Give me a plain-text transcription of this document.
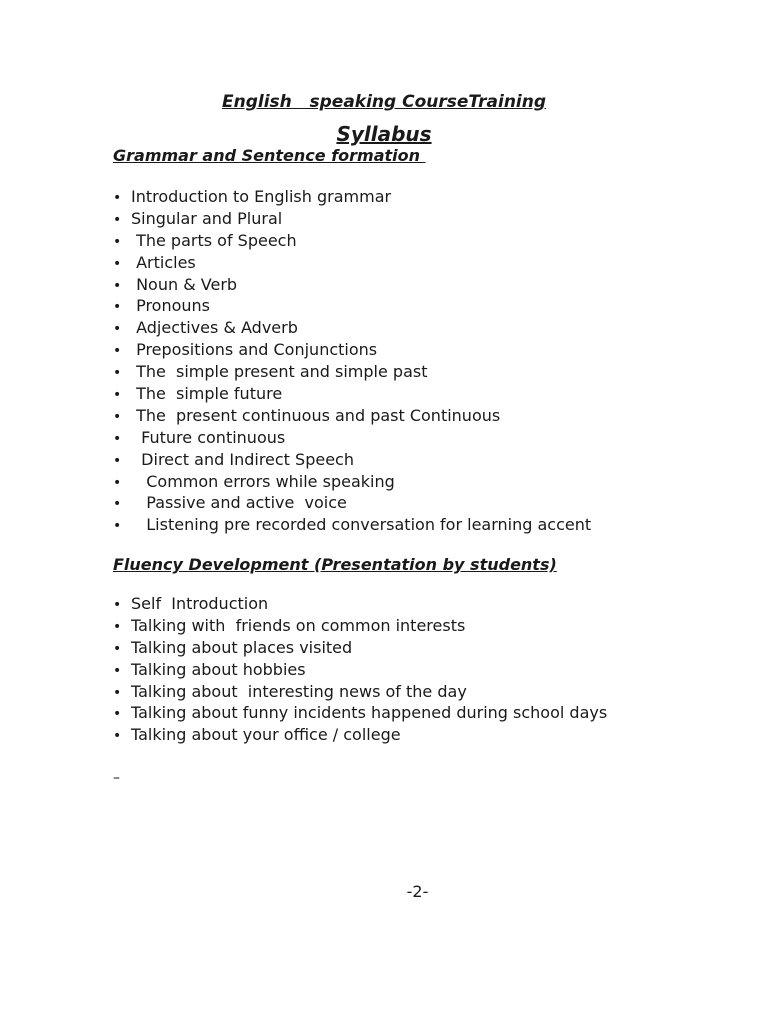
English   speaking CourseTraining
Syllabus
Grammar and Sentence formation
• Introduction to English grammar
• Singular and Plural
• The parts of Speech
• Articles
• Noun & Verb
• Pronouns
• Adjectives & Adverb
• Prepositions and Conjunctions
• The  simple present and simple past
• The  simple future
• The  present continuous and past Continuous
• Future continuous
• Direct and Indirect Speech
• Common errors while speaking
• Passive and active  voice
• Listening pre recorded conversation for learning accent
Fluency Development (Presentation by students)
• Self  Introduction
• Talking with  friends on common interests
• Talking about places visited
• Talking about hobbies
• Talking about  interesting news of the day
• Talking about funny incidents happened during school days
• Talking about your office / college
–
-2-
